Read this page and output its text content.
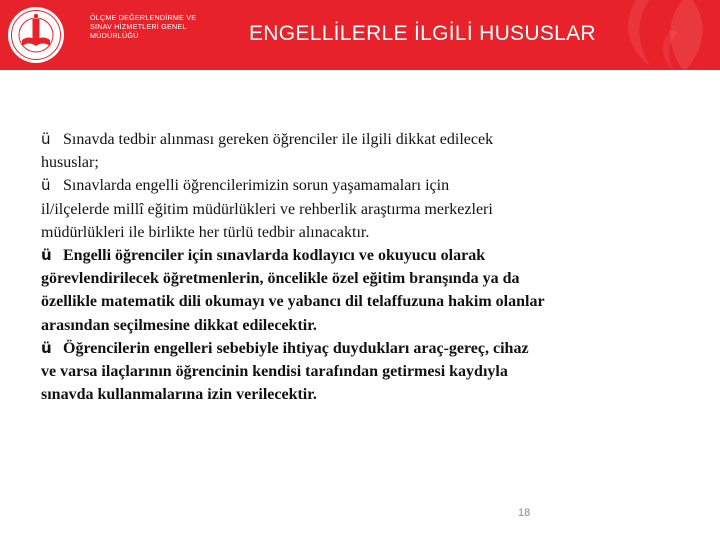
ÖLÇME DEĞERLENDİRME VE
SINAV HİZMETLERİ GENEL
MÜDÜRLÜĞÜ	ENGELLİLERLE İLGİLİ HUSUSLAR

ü Sınavda tedbir alınması gereken öğrenciler ile ilgili dikkat edilecek
hususlar;

ü Sınavlarda engelli öğrencilerimizin sorun yaşamamaları için
il/ilçelerde millî eğitim müdürlükleri ve rehberlik araştırma merkezleri
müdürlükleri ile birlikte her türlü tedbir alınacaktır.

ü Engelli öğrenciler için sınavlarda kodlayıcı ve okuyucu olarak
görevlendirilecek öğretmenlerin, öncelikle özel eğitim branşında ya da
özellikle matematik dili okumayı ve yabancı dil telaffuzuna hakim olanlar
arasından seçilmesine dikkat edilecektir.

ü Öğrencilerin engelleri sebebiyle ihtiyaç duydukları araç-gereç, cihaz
ve varsa ilaçlarının öğrencinin kendisi tarafından getirmesi kaydıyla
sınavda kullanmalarına izin verilecektir.

18
